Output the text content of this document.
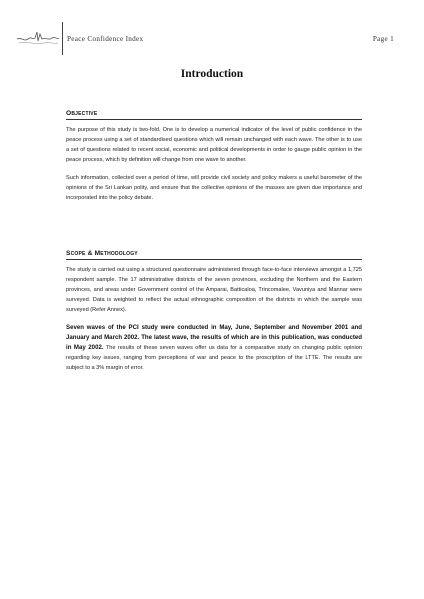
Peace Confidence Index	Page 1
Introduction
Objective

The purpose of this study is two-fold. One is to develop a numerical indicator of the level of public confidence in the peace process using a set of standardised questions which will remain unchanged with each wave. The other is to use a set of questions related to recent social, economic and political developments in order to gauge public opinion in the peace process, which by definition will change from one wave to another.

Such information, collected over a period of time, will provide civil society and policy makers a useful barometer of the opinions of the Sri Lankan polity, and ensure that the collective opinions of the masses are given due importance and incorporated into the policy debate.

Scope & Methodology

The study is carried out using a structured questionnaire administered through face-to-face interviews amongst a 1,725 respondent sample. The 17 administrative districts of the seven provinces, excluding the Northern and the Eastern provinces, and areas under Government control of the Amparai, Batticaloa, Trincomalee, Vavuniya and Mannar were surveyed. Data is weighted to reflect the actual ethnographic composition of the districts in which the sample was surveyed (Refer Annex).

Seven waves of the PCI study were conducted in May, June, September and November 2001 and January and March 2002. The latest wave, the results of which are in this publication, was conducted in May 2002. The results of these seven waves offer us data for a comparative study on changing public opinion regarding key issues, ranging from perceptions of war and peace to the proscription of the LTTE. The results are subject to a 3% margin of error.
